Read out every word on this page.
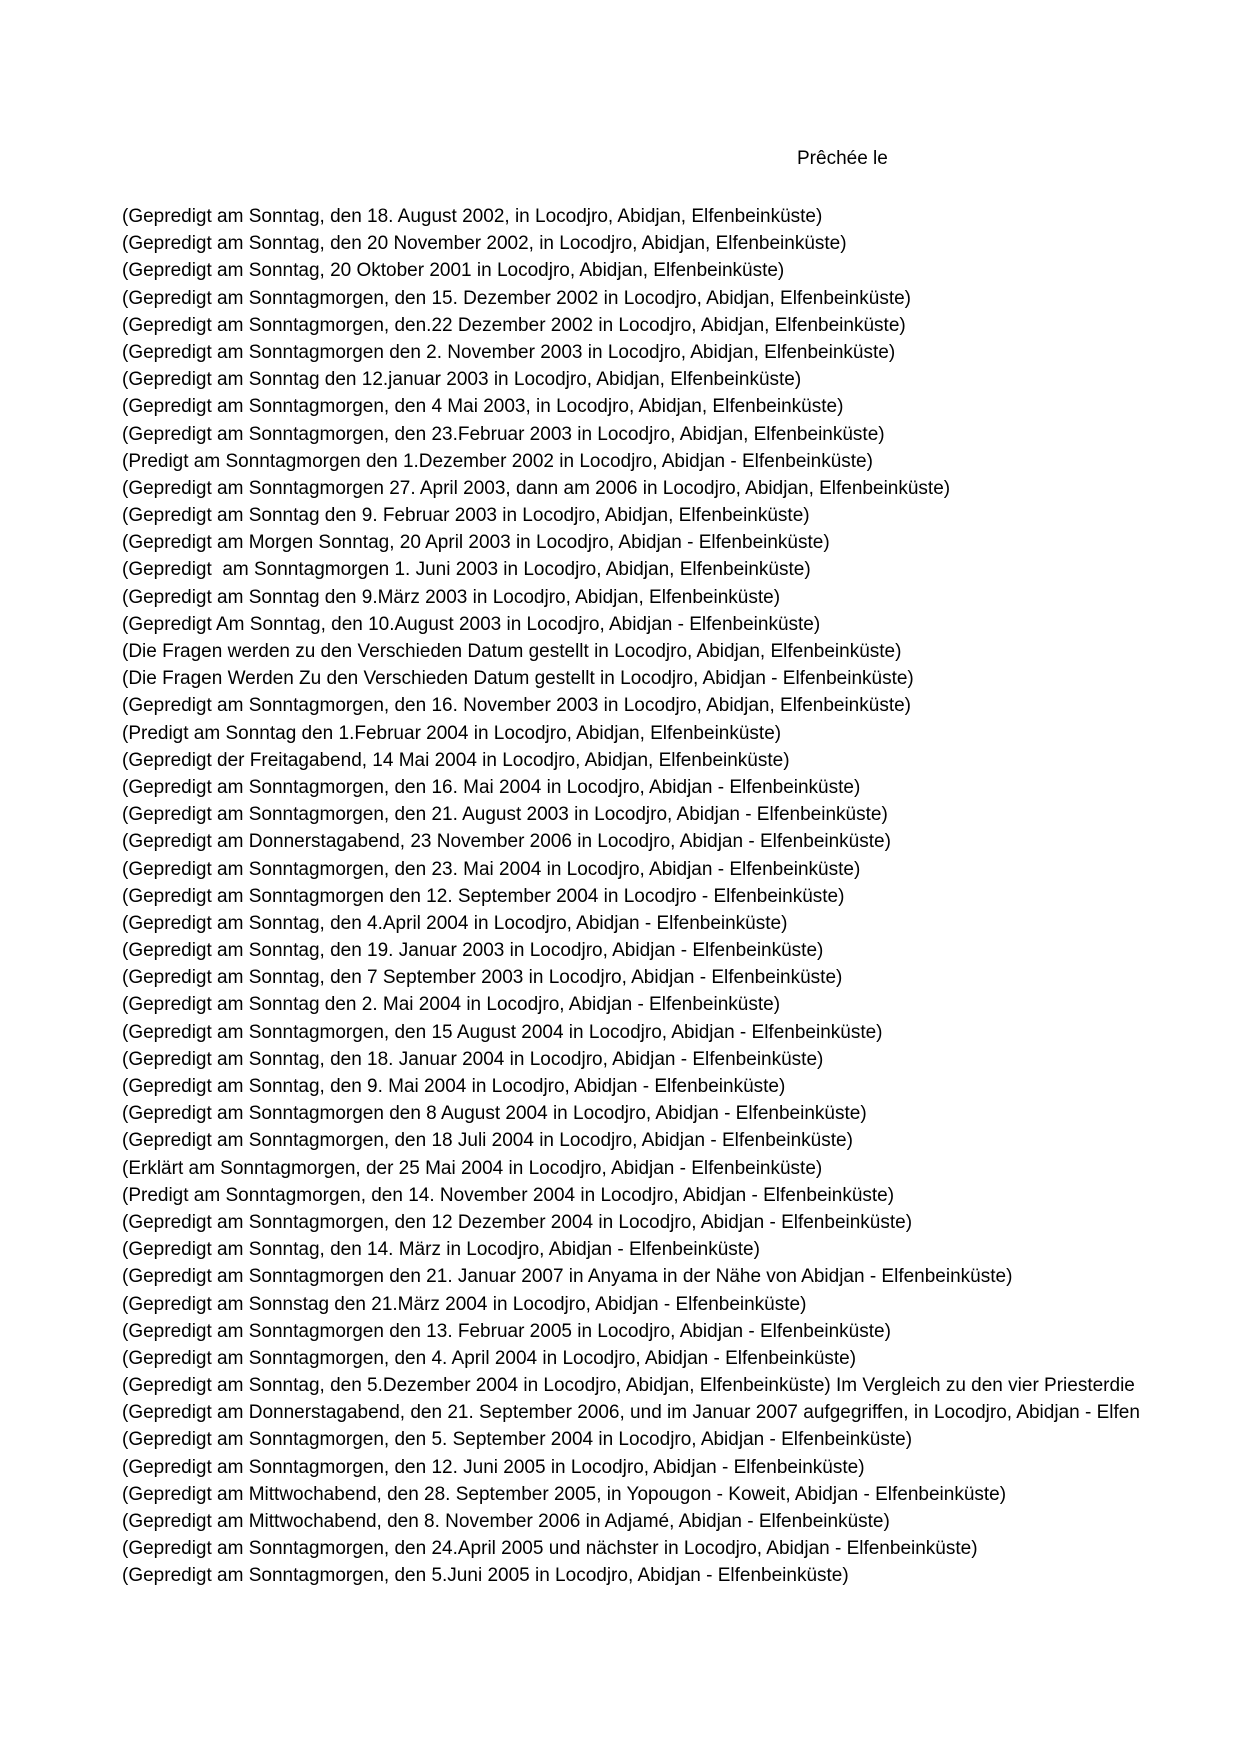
Prêchée le
(Gepredigt am Sonntag, den 18. August 2002, in Locodjro, Abidjan, Elfenbeinküste)
(Gepredigt am Sonntag, den 20 November 2002, in Locodjro, Abidjan, Elfenbeinküste)
(Gepredigt am Sonntag, 20 Oktober 2001 in Locodjro, Abidjan, Elfenbeinküste)
(Gepredigt am Sonntagmorgen, den 15. Dezember 2002 in Locodjro, Abidjan, Elfenbeinküste)
(Gepredigt am Sonntagmorgen, den.22 Dezember 2002 in Locodjro, Abidjan, Elfenbeinküste)
(Gepredigt am Sonntagmorgen den 2. November 2003 in Locodjro, Abidjan, Elfenbeinküste)
(Gepredigt am Sonntag den 12.januar 2003 in Locodjro, Abidjan, Elfenbeinküste)
(Gepredigt am Sonntagmorgen, den 4 Mai 2003, in Locodjro, Abidjan, Elfenbeinküste)
(Gepredigt am Sonntagmorgen, den 23.Februar 2003 in Locodjro, Abidjan, Elfenbeinküste)
(Predigt am Sonntagmorgen den 1.Dezember 2002 in Locodjro, Abidjan - Elfenbeinküste)
(Gepredigt am Sonntagmorgen 27. April 2003, dann am 2006 in Locodjro, Abidjan, Elfenbeinküste)
(Gepredigt am Sonntag den 9. Februar 2003 in Locodjro, Abidjan, Elfenbeinküste)
(Gepredigt am Morgen Sonntag, 20 April 2003 in Locodjro, Abidjan - Elfenbeinküste)
(Gepredigt  am Sonntagmorgen 1. Juni 2003 in Locodjro, Abidjan, Elfenbeinküste)
(Gepredigt am Sonntag den 9.März 2003 in Locodjro, Abidjan, Elfenbeinküste)
(Gepredigt Am Sonntag, den 10.August 2003 in Locodjro, Abidjan - Elfenbeinküste)
(Die Fragen werden zu den Verschieden Datum gestellt in Locodjro, Abidjan, Elfenbeinküste)
(Die Fragen Werden Zu den Verschieden Datum gestellt in Locodjro, Abidjan - Elfenbeinküste)
(Gepredigt am Sonntagmorgen, den 16. November 2003 in Locodjro, Abidjan, Elfenbeinküste)
(Predigt am Sonntag den 1.Februar 2004 in Locodjro, Abidjan, Elfenbeinküste)
(Gepredigt der Freitagabend, 14 Mai 2004 in Locodjro, Abidjan, Elfenbeinküste)
(Gepredigt am Sonntagmorgen, den 16. Mai 2004 in Locodjro, Abidjan - Elfenbeinküste)
(Gepredigt am Sonntagmorgen, den 21. August 2003 in Locodjro, Abidjan - Elfenbeinküste)
(Gepredigt am Donnerstagabend, 23 November 2006 in Locodjro, Abidjan - Elfenbeinküste)
(Gepredigt am Sonntagmorgen, den 23. Mai 2004 in Locodjro, Abidjan - Elfenbeinküste)
(Gepredigt am Sonntagmorgen den 12. September 2004 in Locodjro - Elfenbeinküste)
(Gepredigt am Sonntag, den 4.April 2004 in Locodjro, Abidjan - Elfenbeinküste)
(Gepredigt am Sonntag, den 19. Januar 2003 in Locodjro, Abidjan - Elfenbeinküste)
(Gepredigt am Sonntag, den 7 September 2003 in Locodjro, Abidjan - Elfenbeinküste)
(Gepredigt am Sonntag den 2. Mai 2004 in Locodjro, Abidjan - Elfenbeinküste)
(Gepredigt am Sonntagmorgen, den 15 August 2004 in Locodjro, Abidjan - Elfenbeinküste)
(Gepredigt am Sonntag, den 18. Januar 2004 in Locodjro, Abidjan - Elfenbeinküste)
(Gepredigt am Sonntag, den 9. Mai 2004 in Locodjro, Abidjan - Elfenbeinküste)
(Gepredigt am Sonntagmorgen den 8 August 2004 in Locodjro, Abidjan - Elfenbeinküste)
(Gepredigt am Sonntagmorgen, den 18 Juli 2004 in Locodjro, Abidjan - Elfenbeinküste)
(Erklärt am Sonntagmorgen, der 25 Mai 2004 in Locodjro, Abidjan - Elfenbeinküste)
(Predigt am Sonntagmorgen, den 14. November 2004 in Locodjro, Abidjan - Elfenbeinküste)
(Gepredigt am Sonntagmorgen, den 12 Dezember 2004 in Locodjro, Abidjan - Elfenbeinküste)
(Gepredigt am Sonntag, den 14. März in Locodjro, Abidjan - Elfenbeinküste)
(Gepredigt am Sonntagmorgen den 21. Januar 2007 in Anyama in der Nähe von Abidjan - Elfenbeinküste)
(Gepredigt am Sonnstag den 21.März 2004 in Locodjro, Abidjan - Elfenbeinküste)
(Gepredigt am Sonntagmorgen den 13. Februar 2005 in Locodjro, Abidjan - Elfenbeinküste)
(Gepredigt am Sonntagmorgen, den 4. April 2004 in Locodjro, Abidjan - Elfenbeinküste)
(Gepredigt am Sonntag, den 5.Dezember 2004 in Locodjro, Abidjan, Elfenbeinküste) Im Vergleich zu den vier Priesterdie
(Gepredigt am Donnerstagabend, den 21. September 2006, und im Januar 2007 aufgegriffen, in Locodjro, Abidjan - Elfen
(Gepredigt am Sonntagmorgen, den 5. September 2004 in Locodjro, Abidjan - Elfenbeinküste)
(Gepredigt am Sonntagmorgen, den 12. Juni 2005 in Locodjro, Abidjan - Elfenbeinküste)
(Gepredigt am Mittwochabend, den 28. September 2005, in Yopougon - Koweit, Abidjan - Elfenbeinküste)
(Gepredigt am Mittwochabend, den 8. November 2006 in Adjamé, Abidjan - Elfenbeinküste)
(Gepredigt am Sonntagmorgen, den 24.April 2005 und nächster in Locodjro, Abidjan - Elfenbeinküste)
(Gepredigt am Sonntagmorgen, den 5.Juni 2005 in Locodjro, Abidjan - Elfenbeinküste)
